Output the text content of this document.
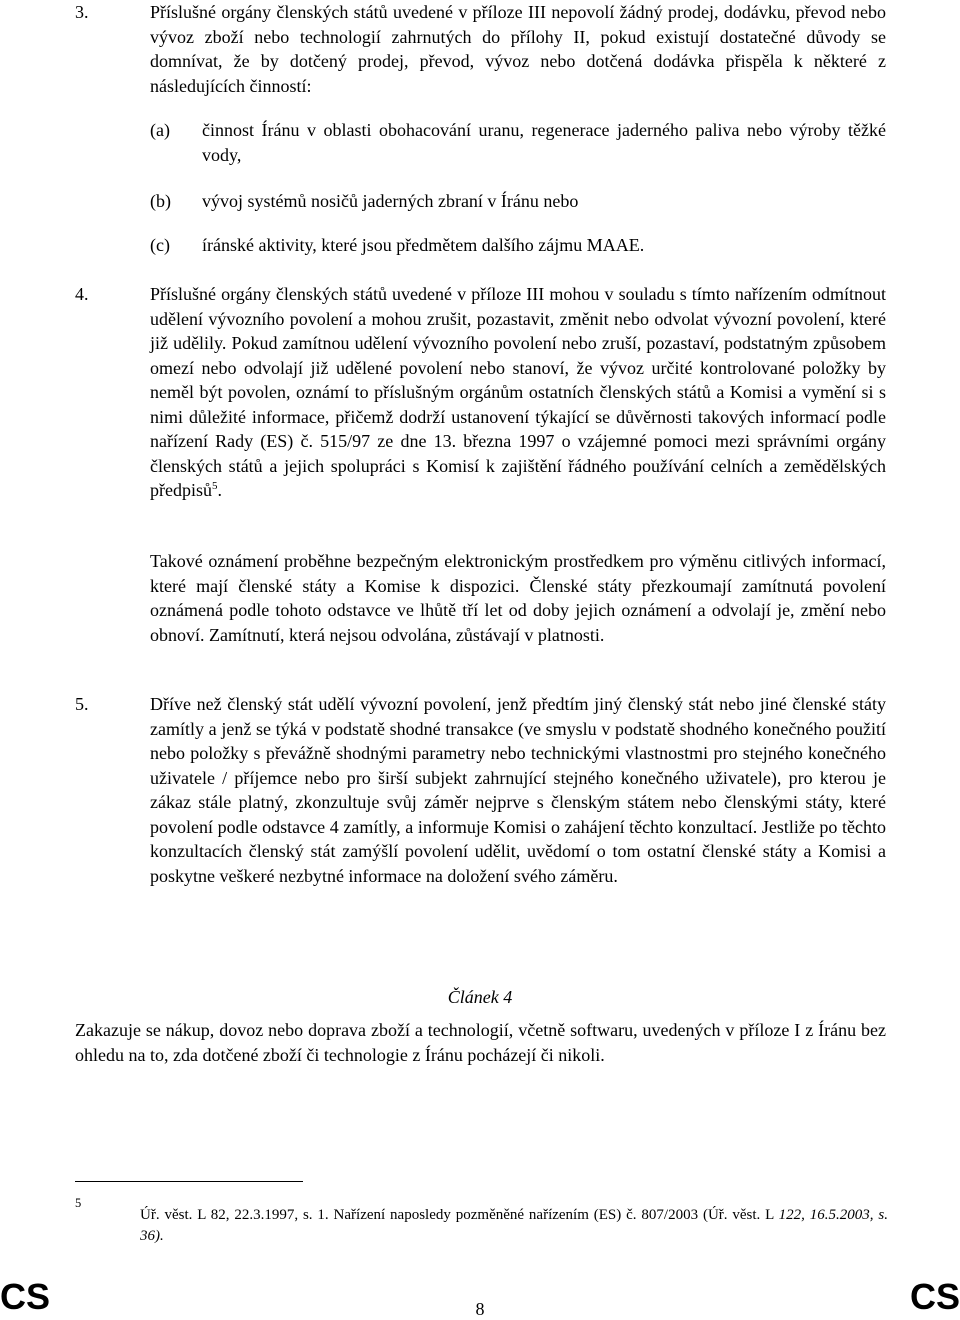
3.	Příslušné orgány členských států uvedené v příloze III nepovolí žádný prodej, dodávku, převod nebo vývoz zboží nebo technologií zahrnutých do přílohy II, pokud existují dostatečné důvody se domnívat, že by dotčený prodej, převod, vývoz nebo dotčená dodávka přispěla k některé z následujících činností:
(a) činnost Íránu v oblasti obohacování uranu, regenerace jaderného paliva nebo výroby těžké vody,
(b) vývoj systémů nosičů jaderných zbraní v Íránu nebo
(c) íránské aktivity, které jsou předmětem dalšího zájmu MAAE.
4.	Příslušné orgány členských států uvedené v příloze III mohou v souladu s tímto nařízením odmítnout udělení vývozního povolení a mohou zrušit, pozastavit, změnit nebo odvolat vývozní povolení, které již udělily. Pokud zamítnou udělení vývozního povolení nebo zruší, pozastaví, podstatným způsobem omezí nebo odvolají již udělené povolení nebo stanoví, že vývoz určité kontrolované položky by neměl být povolen, oznámí to příslušným orgánům ostatních členských států a Komisi a vymění si s nimi důležité informace, přičemž dodrží ustanovení týkající se důvěrnosti takových informací podle nařízení Rady (ES) č. 515/97 ze dne 13. března 1997 o vzájemné pomoci mezi správními orgány členských států a jejich spolupráci s Komisí k zajištění řádného používání celních a zemědělských předpisů$^5$.
Takové oznámení proběhne bezpečným elektronickým prostředkem pro výměnu citlivých informací, které mají členské státy a Komise k dispozici. Členské státy přezkoumají zamítnutá povolení oznámená podle tohoto odstavce ve lhůtě tří let od doby jejich oznámení a odvolají je, změní nebo obnoví. Zamítnutí, která nejsou odvolána, zůstávají v platnosti.
5.	Dříve než členský stát udělí vývozní povolení, jenž předtím jiný členský stát nebo jiné členské státy zamítly a jenž se týká v podstatě shodné transakce (ve smyslu v podstatě shodného konečného použití nebo položky s převážně shodnými parametry nebo technickými vlastnostmi pro stejného konečného uživatele / příjemce nebo pro širší subjekt zahrnující stejného konečného uživatele), pro kterou je zákaz stále platný, zkonzultuje svůj záměr nejprve s členským státem nebo členskými státy, které povolení podle odstavce 4 zamítly, a informuje Komisi o zahájení těchto konzultací. Jestliže po těchto konzultacích členský stát zamýšlí povolení udělit, uvědomí o tom ostatní členské státy a Komisi a poskytne veškeré nezbytné informace na doložení svého záměru.
Článek 4
Zakazuje se nákup, dovoz nebo doprava zboží a technologií, včetně softwaru, uvedených v příloze I z Íránu bez ohledu na to, zda dotčené zboží či technologie z Íránu pocházejí či nikoli.
5
Úř. věst. L 82, 22.3.1997, s. 1. Nařízení naposledy pozměněné nařízením (ES) č. 807/2003 (Úř. věst. L 122, 16.5.2003, s. 36).
CS	8	CS
